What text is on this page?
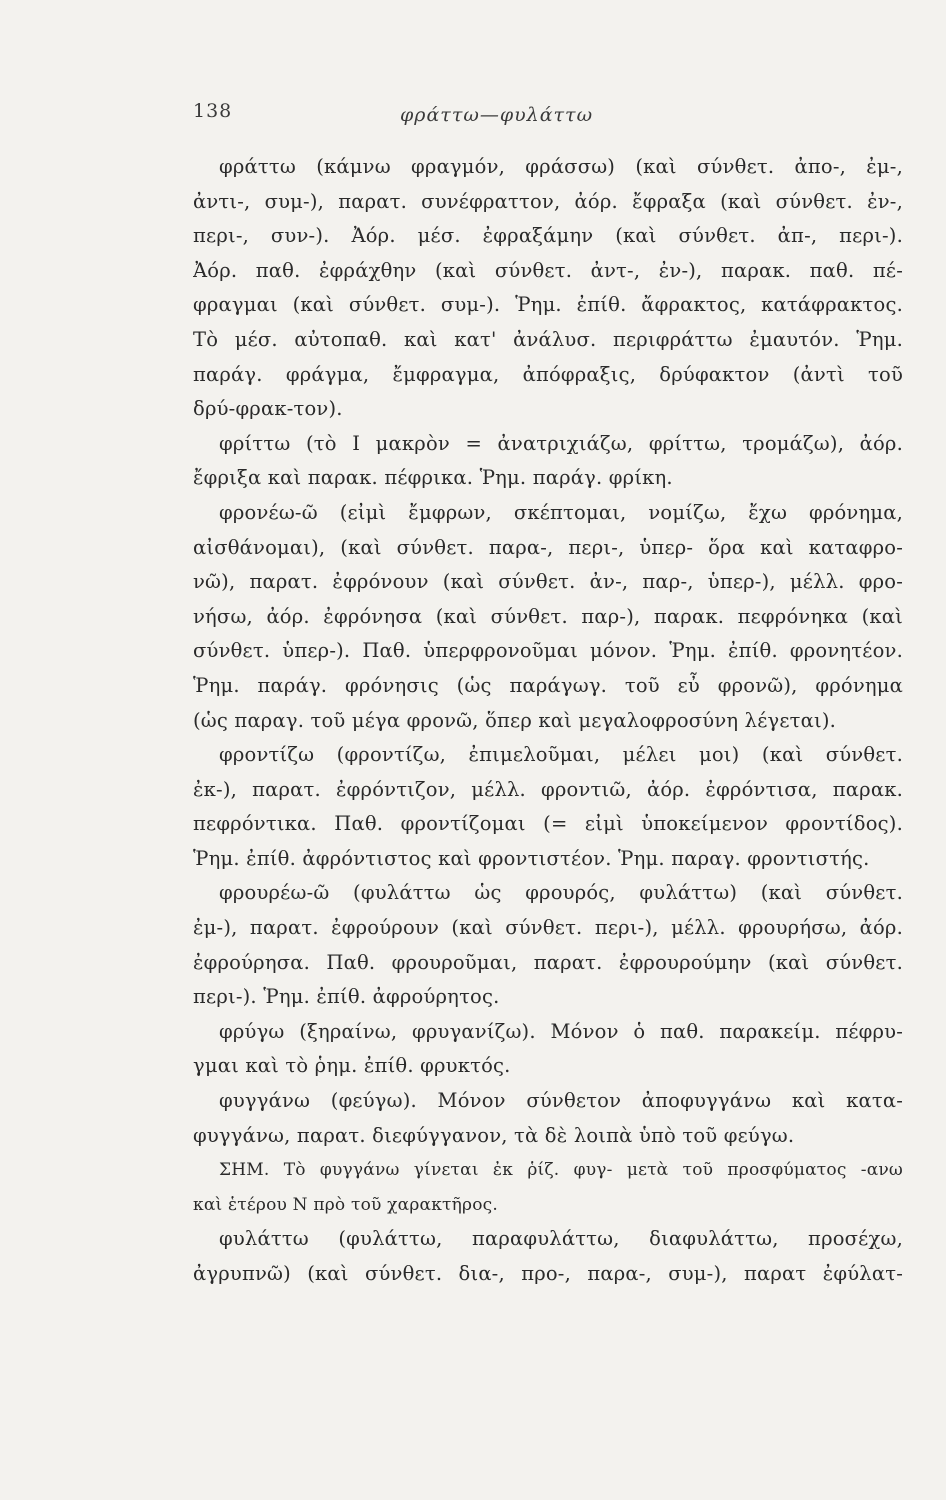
138	φράττω—φυλάττω
φράττω (κάμνω φραγμόν, φράσσω) (καὶ σύνθετ. ἀπο-, ἐμ-,
ἀντι-, συμ-), παρατ. συνέφραττον, ἀόρ. ἔφραξα (καὶ σύνθετ. ἐν-,
περι-, συν-). Ἀόρ. μέσ. ἐφραξάμην (καὶ σύνθετ. ἀπ-, περι-).
Ἀόρ. παθ. ἐφράχθην (καὶ σύνθετ. ἀντ-, ἐν-), παρακ. παθ. πέ-
φραγμαι (καὶ σύνθετ. συμ-). Ῥημ. ἐπίθ. ἄφρακτος, κατάφρακτος.
Τὸ μέσ. αὐτοπαθ. καὶ κατ' ἀνάλυσ. περιφράττω ἐμαυτόν. Ῥημ.
παράγ. φράγμα, ἔμφραγμα, ἀπόφραξις, δρύφακτον (ἀντὶ τοῦ
δρύ-φρακ-τον).
φρίττω (τὸ Ι μακρὸν = ἀνατριχιάζω, φρίττω, τρομάζω), ἀόρ.
ἔφριξα καὶ παρακ. πέφρικα. Ῥημ. παράγ. φρίκη.
φρονέω-ῶ (εἰμὶ ἔμφρων, σκέπτομαι, νομίζω, ἔχω φρόνημα,
αἰσθάνομαι), (καὶ σύνθετ. παρα-, περι-, ὑπερ- ὅρα καὶ καταφρο-
νῶ), παρατ. ἐφρόνουν (καὶ σύνθετ. ἀν-, παρ-, ὑπερ-), μέλλ. φρο-
νήσω, ἀόρ. ἐφρόνησα (καὶ σύνθετ. παρ-), παρακ. πεφρόνηκα (καὶ
σύνθετ. ὑπερ-). Παθ. ὑπερφρονοῦμαι μόνον. Ῥημ. ἐπίθ. φρονητέον.
Ῥημ. παράγ. φρόνησις (ὡς παράγωγ. τοῦ εὖ φρονῶ), φρόνημα
(ὡς παραγ. τοῦ μέγα φρονῶ, ὅπερ καὶ μεγαλοφροσύνη λέγεται).
φροντίζω (φροντίζω, ἐπιμελοῦμαι, μέλει μοι) (καὶ σύνθετ.
ἐκ-), παρατ. ἐφρόντιζον, μέλλ. φροντιῶ, ἀόρ. ἐφρόντισα, παρακ.
πεφρόντικα. Παθ. φροντίζομαι (= εἰμὶ ὑποκείμενον φροντίδος).
Ῥημ. ἐπίθ. ἀφρόντιστος καὶ φροντιστέον. Ῥημ. παραγ. φροντιστής.
φρουρέω-ῶ (φυλάττω ὡς φρουρός, φυλάττω) (καὶ σύνθετ.
ἐμ-), παρατ. ἐφρούρουν (καὶ σύνθετ. περι-), μέλλ. φρουρήσω, ἀόρ.
ἐφρούρησα. Παθ. φρουροῦμαι, παρατ. ἐφρουρούμην (καὶ σύνθετ.
περι-). Ῥημ. ἐπίθ. ἀφρούρητος.
φρύγω (ξηραίνω, φρυγανίζω). Μόνον ὁ παθ. παρακείμ. πέφρυ-
γμαι καὶ τὸ ῥημ. ἐπίθ. φρυκτός.
φυγγάνω (φεύγω). Μόνον σύνθετον ἀποφυγγάνω καὶ κατα-
φυγγάνω, παρατ. διεφύγγανον, τὰ δὲ λοιπὰ ὑπὸ τοῦ φεύγω.
ΣΗΜ. Τὸ φυγγάνω γίνεται ἐκ ῥίζ. φυγ- μετὰ τοῦ προσφύματος -ανω
καὶ ἑτέρου Ν πρὸ τοῦ χαρακτῆρος.
φυλάττω (φυλάττω, παραφυλάττω, διαφυλάττω, προσέχω,
ἀγρυπνῶ) (καὶ σύνθετ. δια-, προ-, παρα-, συμ-), παρατ ἐφύλατ-
